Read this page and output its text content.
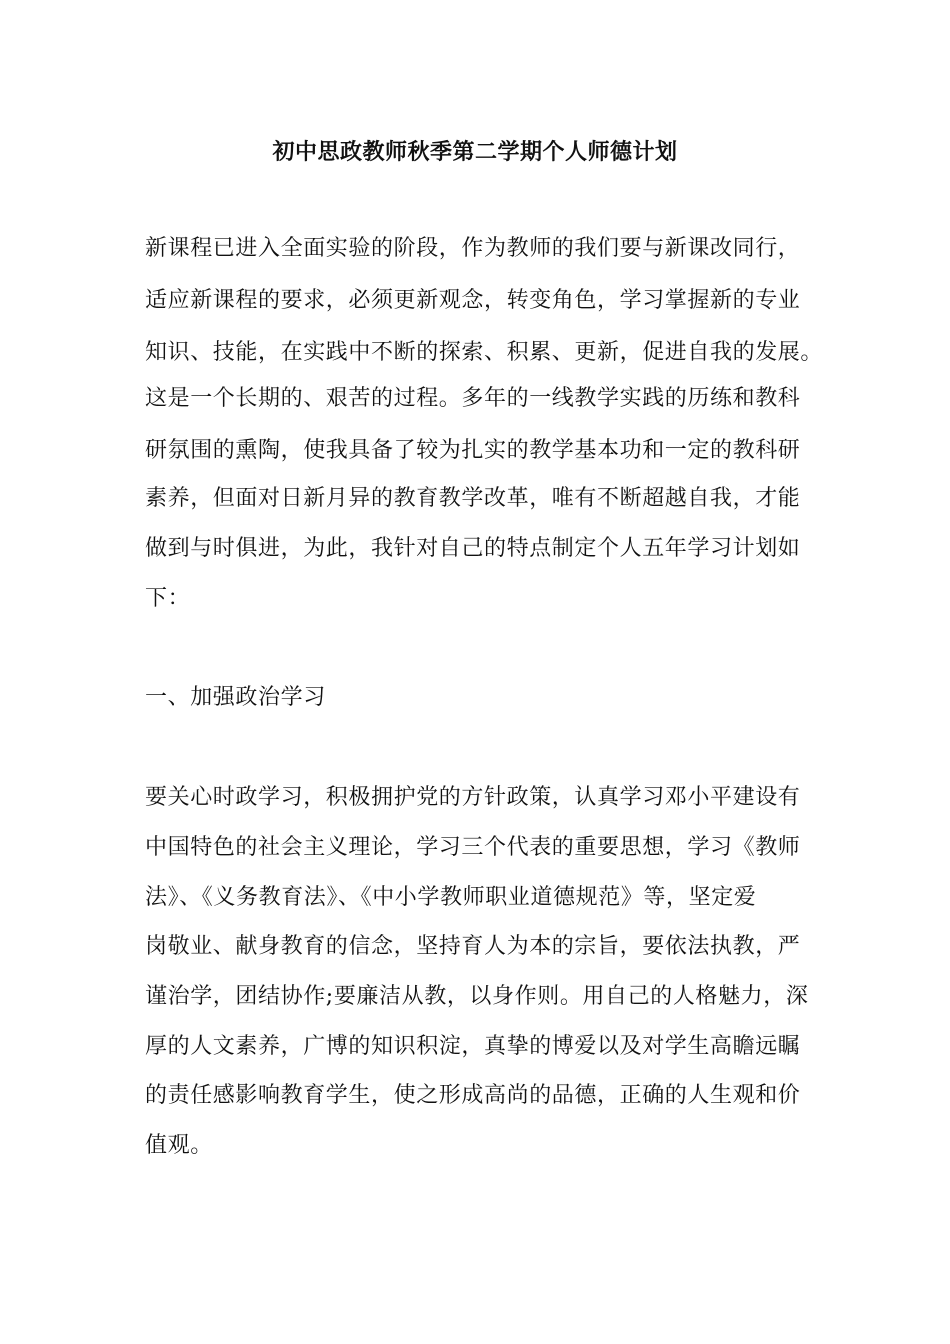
初中思政教师秋季第二学期个人师德计划
新课程已进入全面实验的阶段，作为教师的我们要与新课改同行，
适应新课程的要求，必须更新观念，转变角色，学习掌握新的专业
知识、技能，在实践中不断的探索、积累、更新，促进自我的发展。
这是一个长期的、艰苦的过程。多年的一线教学实践的历练和教科
研氛围的熏陶，使我具备了较为扎实的教学基本功和一定的教科研
素养，但面对日新月异的教育教学改革，唯有不断超越自我，才能
做到与时俱进，为此，我针对自己的特点制定个人五年学习计划如
下：
一、加强政治学习
要关心时政学习，积极拥护党的方针政策，认真学习邓小平建设有
中国特色的社会主义理论，学习三个代表的重要思想，学习《教师
法》、《义务教育法》、《中小学教师职业道德规范》等，坚定爱
岗敬业、献身教育的信念，坚持育人为本的宗旨，要依法执教，严
谨治学，团结协作;要廉洁从教，以身作则。用自己的人格魅力，深
厚的人文素养，广博的知识积淀，真挚的博爱以及对学生高瞻远瞩
的责任感影响教育学生，使之形成高尚的品德，正确的人生观和价
值观。
